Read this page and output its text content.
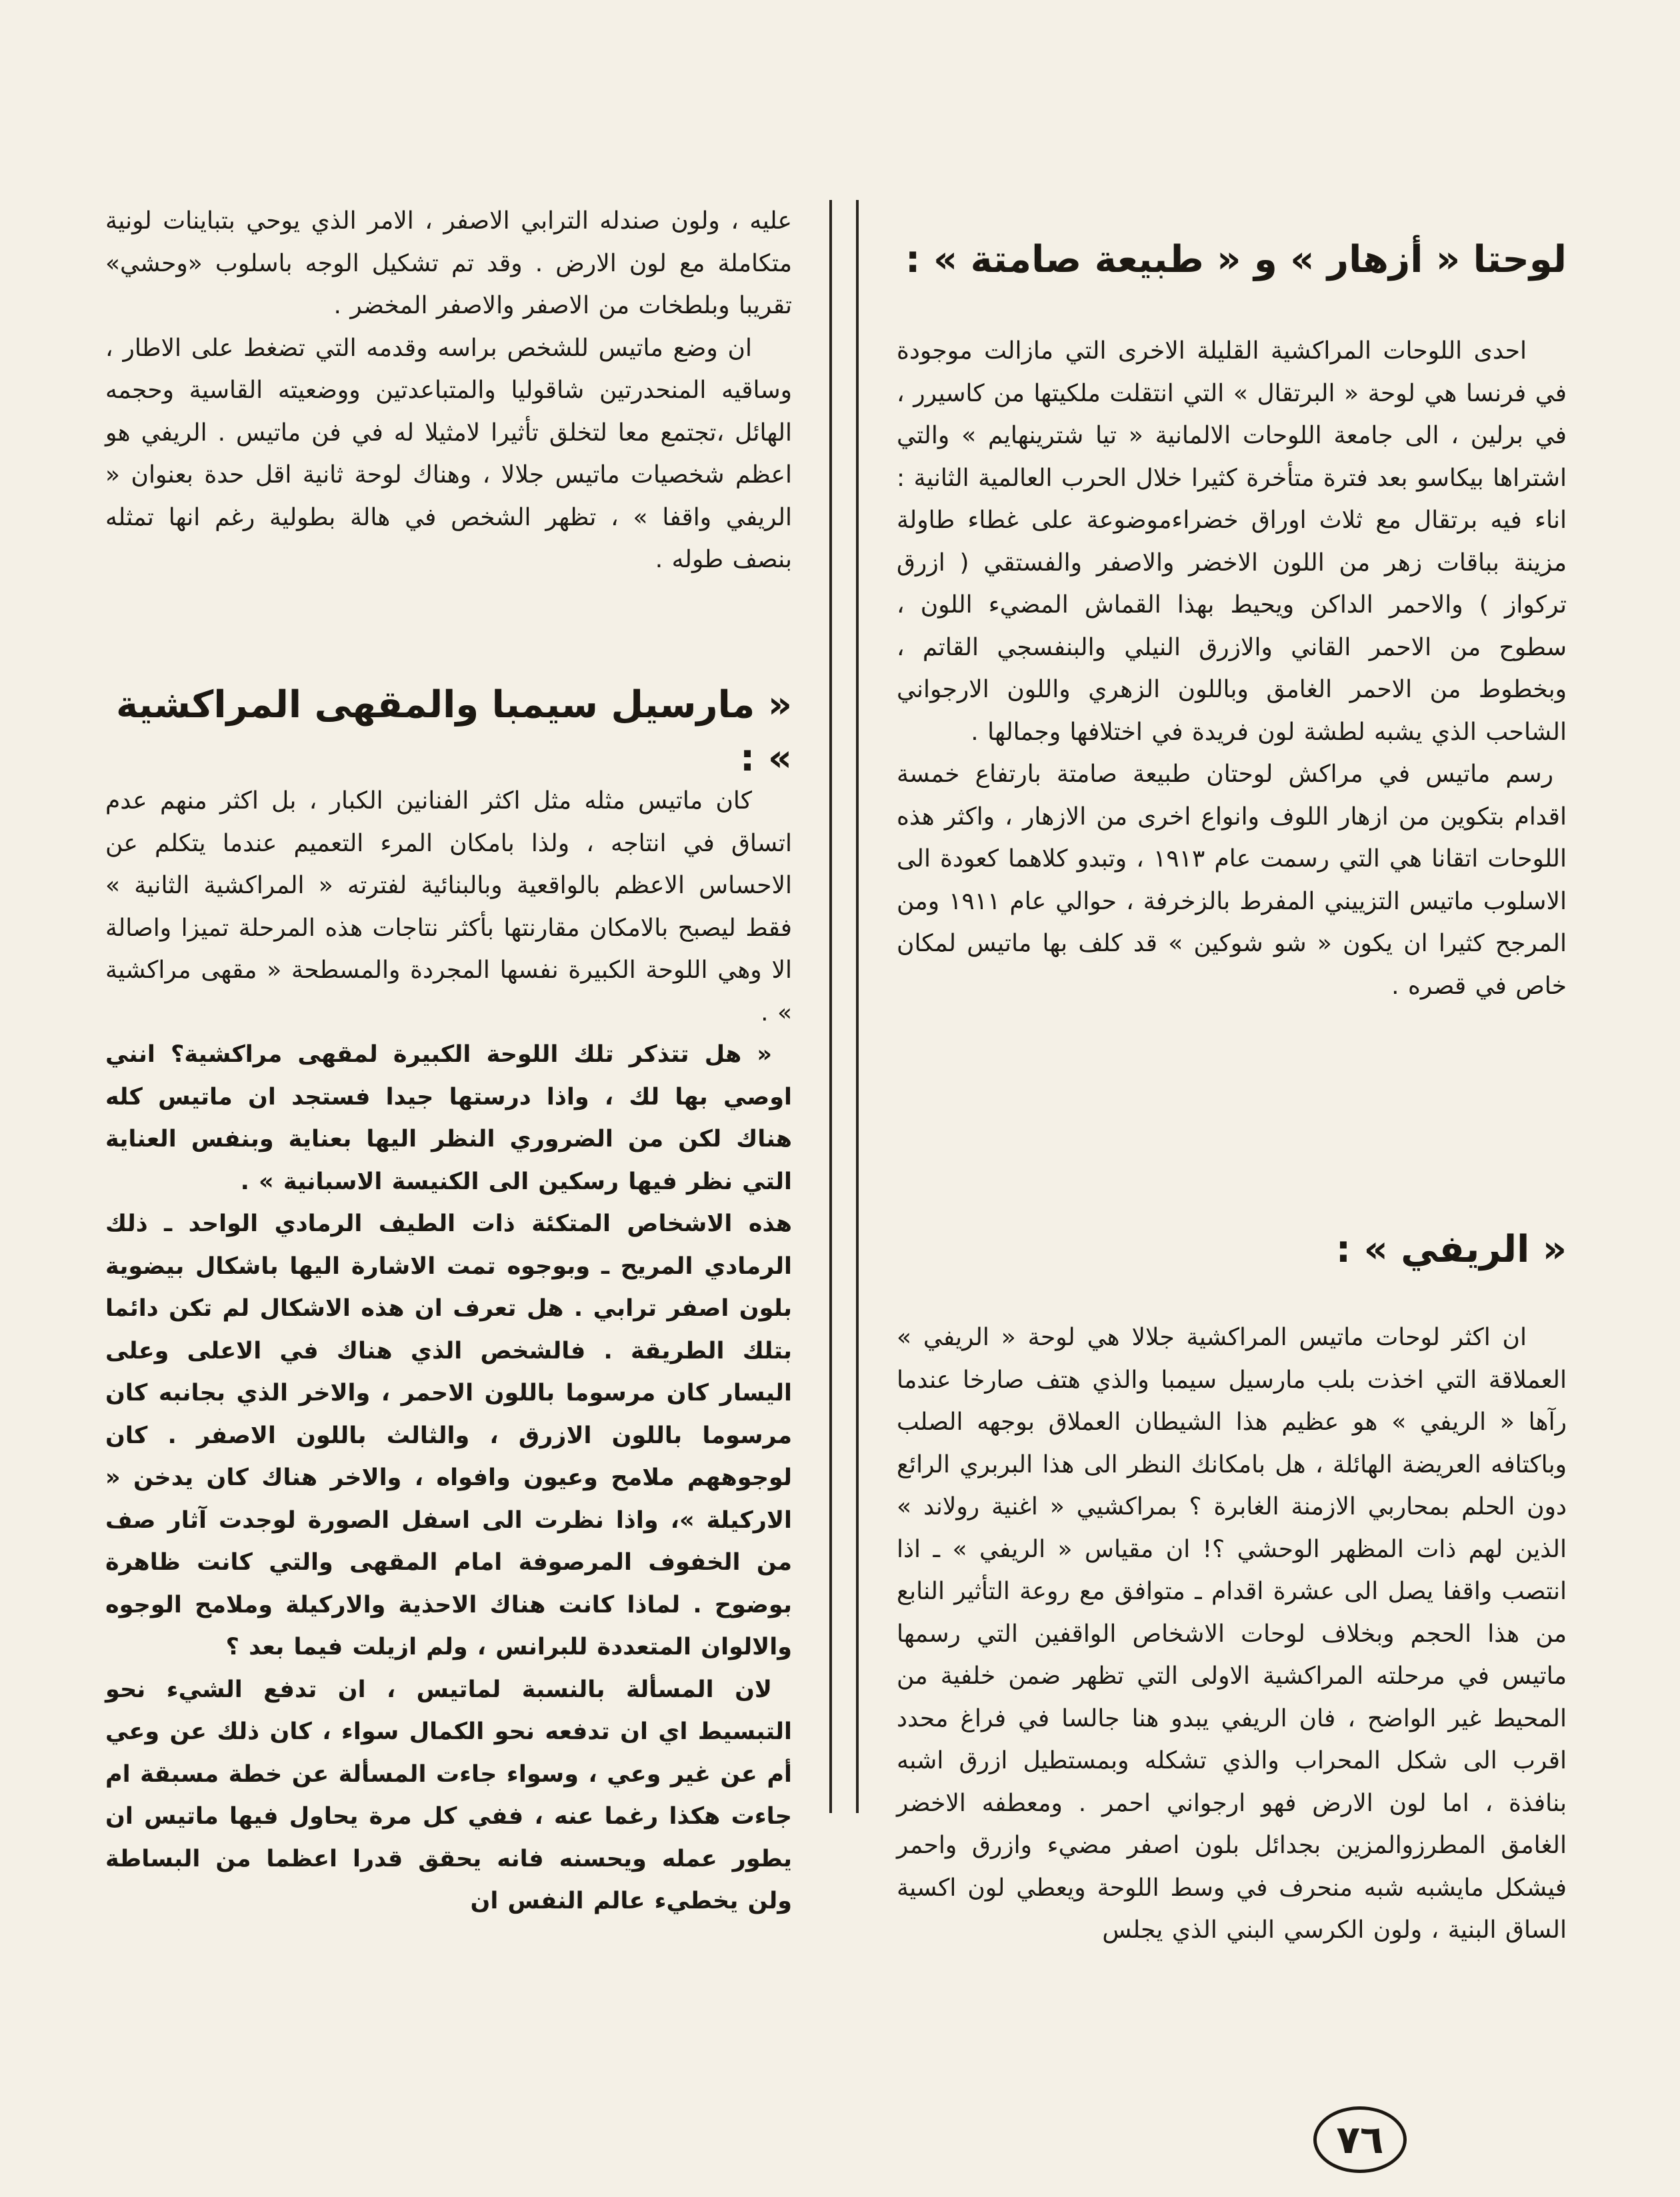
لوحتا « أزهار » و « طبيعة صامتة » :

احدى اللوحات المراكشية القليلة الاخرى التي مازالت موجودة في فرنسا هي لوحة « البرتقال » التي انتقلت ملكيتها من كاسيرر ، في برلين ، الى جامعة اللوحات الالمانية « تيا شترينهايم » والتي اشتراها بيكاسو بعد فترة متأخرة كثيرا خلال الحرب العالمية الثانية : اناء فيه برتقال مع ثلاث اوراق خضراءموضوعة على غطاء طاولة مزينة بباقات زهر من اللون الاخضر والاصفر والفستقي ( ازرق تركواز ) والاحمر الداكن ويحيط بهذا القماش المضيء اللون ، سطوح من الاحمر القاني والازرق النيلي والبنفسجي القاتم ، وبخطوط من الاحمر الغامق وباللون الزهري واللون الارجواني الشاحب الذي يشبه لطشة لون فريدة في اختلافها وجمالها .

رسم ماتيس في مراكش لوحتان طبيعة صامتة بارتفاع خمسة اقدام بتكوين من ازهار اللوف وانواع اخرى من الازهار ، واكثر هذه اللوحات اتقانا هي التي رسمت عام ١٩١٣ ، وتبدو كلاهما كعودة الى الاسلوب ماتيس التزييني المفرط بالزخرفة ، حوالي عام ١٩١١ ومن المرجح كثيرا ان يكون « شو شوكين » قد كلف بها ماتيس لمكان خاص في قصره .

« الريفي » :

ان اكثر لوحات ماتيس المراكشية جلالا هي لوحة « الريفي » العملاقة التي اخذت بلب مارسيل سيمبا والذي هتف صارخا عندما رآها « الريفي » هو عظيم هذا الشيطان العملاق بوجهه الصلب وباكتافه العريضة الهائلة ، هل بامكانك النظر الى هذا البربري الرائع دون الحلم بمحاربي الازمنة الغابرة ؟ بمراكشيي « اغنية رولاند » الذين لهم ذات المظهر الوحشي ؟! ان مقياس « الريفي » ـ اذا انتصب واقفا يصل الى عشرة اقدام ـ متوافق مع روعة التأثير النابع من هذا الحجم وبخلاف لوحات الاشخاص الواقفين التي رسمها ماتيس في مرحلته المراكشية الاولى التي تظهر ضمن خلفية من المحيط غير الواضح ، فان الريفي يبدو هنا جالسا في فراغ محدد اقرب الى شكل المحراب والذي تشكله وبمستطيل ازرق اشبه بنافذة ، اما لون الارض فهو ارجواني احمر . ومعطفه الاخضر الغامق المطرزوالمزين بجدائل بلون اصفر مضيء وازرق واحمر فيشكل مايشبه شبه منحرف في وسط اللوحة ويعطي لون اكسية الساق البنية ، ولون الكرسي البني الذي يجلس

عليه ، ولون صندله الترابي الاصفر ، الامر الذي يوحي بتباينات لونية متكاملة مع لون الارض . وقد تم تشكيل الوجه باسلوب «وحشي» تقريبا وبلطخات من الاصفر والاصفر المخضر .

ان وضع ماتيس للشخص براسه وقدمه التي تضغط على الاطار ، وساقيه المنحدرتين شاقوليا والمتباعدتين ووضعيته القاسية وحجمه الهائل ،تجتمع معا لتخلق تأثيرا لامثيلا له في فن ماتيس . الريفي هو اعظم شخصيات ماتيس جلالا ، وهناك لوحة ثانية اقل حدة بعنوان « الريفي واقفا » ، تظهر الشخص في هالة بطولية رغم انها تمثله بنصف طوله .

« مارسيل سيمبا والمقهى المراكشية » :

كان ماتيس مثله مثل اكثر الفنانين الكبار ، بل اكثر منهم عدم اتساق في انتاجه ، ولذا بامكان المرء التعميم عندما يتكلم عن الاحساس الاعظم بالواقعية وبالبنائية لفترته « المراكشية الثانية » فقط ليصبح بالامكان مقارنتها بأكثر نتاجات هذه المرحلة تميزا واصالة الا وهي اللوحة الكبيرة نفسها المجردة والمسطحة « مقهى مراكشية » .

« هل تتذكر تلك اللوحة الكبيرة لمقهى مراكشية؟ انني اوصي بها لك ، واذا درستها جيدا فستجد ان ماتيس كله هناك لكن من الضروري النظر اليها بعناية وبنفس العناية التي نظر فيها رسكين الى الكنيسة الاسبانية » .

هذه الاشخاص المتكئة ذات الطيف الرمادي الواحد ـ ذلك الرمادي المريح ـ وبوجوه تمت الاشارة اليها باشكال بيضوية بلون اصفر ترابي . هل تعرف ان هذه الاشكال لم تكن دائما بتلك الطريقة . فالشخص الذي هناك في الاعلى وعلى اليسار كان مرسوما باللون الاحمر ، والاخر الذي بجانبه كان مرسوما باللون الازرق ، والثالث باللون الاصفر . كان لوجوههم ملامح وعيون وافواه ، والاخر هناك كان يدخن « الاركيلة »، واذا نظرت الى اسفل الصورة لوجدت آثار صف من الخفوف المرصوفة امام المقهى والتي كانت ظاهرة بوضوح . لماذا كانت هناك الاحذية والاركيلة وملامح الوجوه والالوان المتعددة للبرانس ، ولم ازيلت فيما بعد ؟

لان المسألة بالنسبة لماتيس ، ان تدفع الشيء نحو التبسيط اي ان تدفعه نحو الكمال سواء ، كان ذلك عن وعي أم عن غير وعي ، وسواء جاءت المسألة عن خطة مسبقة ام جاءت هكذا رغما عنه ، ففي كل مرة يحاول فيها ماتيس ان يطور عمله ويحسنه فانه يحقق قدرا اعظما من البساطة ولن يخطيء عالم النفس ان

٧٦
